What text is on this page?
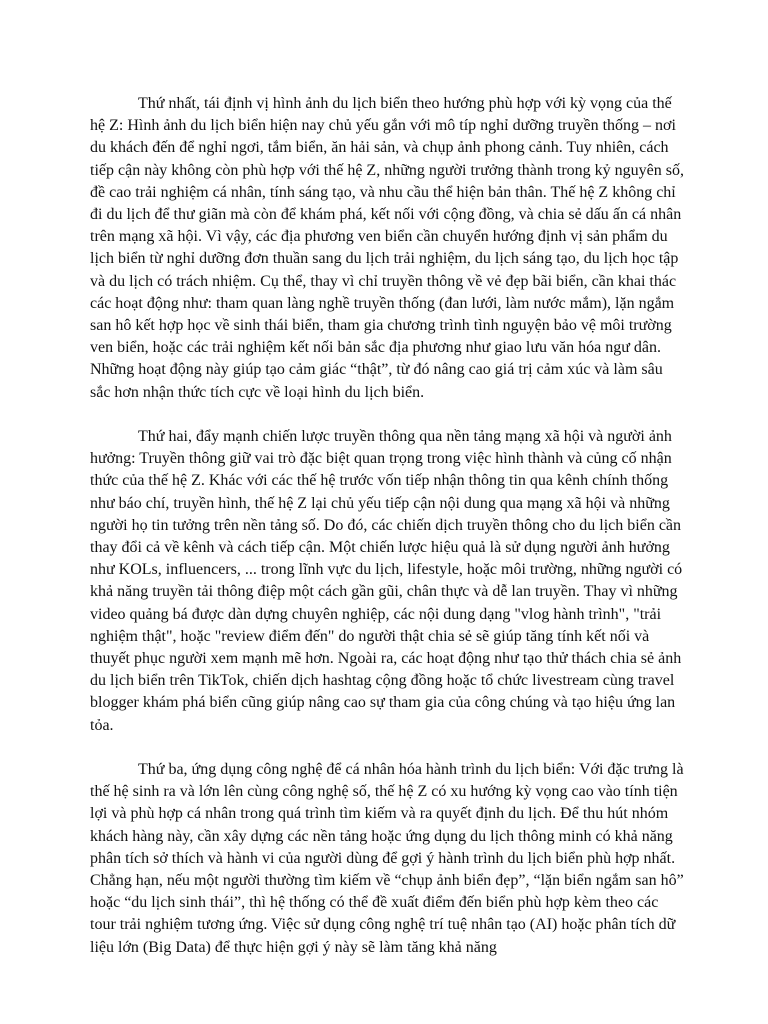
Thứ nhất, tái định vị hình ảnh du lịch biển theo hướng phù hợp với kỳ vọng của thế hệ Z: Hình ảnh du lịch biển hiện nay chủ yếu gắn với mô típ nghỉ dưỡng truyền thống – nơi du khách đến để nghỉ ngơi, tắm biển, ăn hải sản, và chụp ảnh phong cảnh. Tuy nhiên, cách tiếp cận này không còn phù hợp với thế hệ Z, những người trưởng thành trong kỷ nguyên số, đề cao trải nghiệm cá nhân, tính sáng tạo, và nhu cầu thể hiện bản thân. Thế hệ Z không chỉ đi du lịch để thư giãn mà còn để khám phá, kết nối với cộng đồng, và chia sẻ dấu ấn cá nhân trên mạng xã hội. Vì vậy, các địa phương ven biển cần chuyển hướng định vị sản phẩm du lịch biển từ nghỉ dưỡng đơn thuần sang du lịch trải nghiệm, du lịch sáng tạo, du lịch học tập và du lịch có trách nhiệm. Cụ thể, thay vì chỉ truyền thông về vẻ đẹp bãi biển, cần khai thác các hoạt động như: tham quan làng nghề truyền thống (đan lưới, làm nước mắm), lặn ngắm san hô kết hợp học về sinh thái biển, tham gia chương trình tình nguyện bảo vệ môi trường ven biển, hoặc các trải nghiệm kết nối bản sắc địa phương như giao lưu văn hóa ngư dân. Những hoạt động này giúp tạo cảm giác “thật”, từ đó nâng cao giá trị cảm xúc và làm sâu sắc hơn nhận thức tích cực về loại hình du lịch biển.

Thứ hai, đẩy mạnh chiến lược truyền thông qua nền tảng mạng xã hội và người ảnh hưởng: Truyền thông giữ vai trò đặc biệt quan trọng trong việc hình thành và củng cố nhận thức của thế hệ Z. Khác với các thế hệ trước vốn tiếp nhận thông tin qua kênh chính thống như báo chí, truyền hình, thế hệ Z lại chủ yếu tiếp cận nội dung qua mạng xã hội và những người họ tin tưởng trên nền tảng số. Do đó, các chiến dịch truyền thông cho du lịch biển cần thay đổi cả về kênh và cách tiếp cận. Một chiến lược hiệu quả là sử dụng người ảnh hưởng như KOLs, influencers, ... trong lĩnh vực du lịch, lifestyle, hoặc môi trường, những người có khả năng truyền tải thông điệp một cách gần gũi, chân thực và dễ lan truyền. Thay vì những video quảng bá được dàn dựng chuyên nghiệp, các nội dung dạng "vlog hành trình", "trải nghiệm thật", hoặc "review điểm đến" do người thật chia sẻ sẽ giúp tăng tính kết nối và thuyết phục người xem mạnh mẽ hơn. Ngoài ra, các hoạt động như tạo thử thách chia sẻ ảnh du lịch biển trên TikTok, chiến dịch hashtag cộng đồng hoặc tổ chức livestream cùng travel blogger khám phá biển cũng giúp nâng cao sự tham gia của công chúng và tạo hiệu ứng lan tỏa.

Thứ ba, ứng dụng công nghệ để cá nhân hóa hành trình du lịch biển: Với đặc trưng là thế hệ sinh ra và lớn lên cùng công nghệ số, thế hệ Z có xu hướng kỳ vọng cao vào tính tiện lợi và phù hợp cá nhân trong quá trình tìm kiếm và ra quyết định du lịch. Để thu hút nhóm khách hàng này, cần xây dựng các nền tảng hoặc ứng dụng du lịch thông minh có khả năng phân tích sở thích và hành vi của người dùng để gợi ý hành trình du lịch biển phù hợp nhất. Chẳng hạn, nếu một người thường tìm kiếm về “chụp ảnh biển đẹp”, “lặn biển ngắm san hô” hoặc “du lịch sinh thái”, thì hệ thống có thể đề xuất điểm đến biển phù hợp kèm theo các tour trải nghiệm tương ứng. Việc sử dụng công nghệ trí tuệ nhân tạo (AI) hoặc phân tích dữ liệu lớn (Big Data) để thực hiện gợi ý này sẽ làm tăng khả năng
